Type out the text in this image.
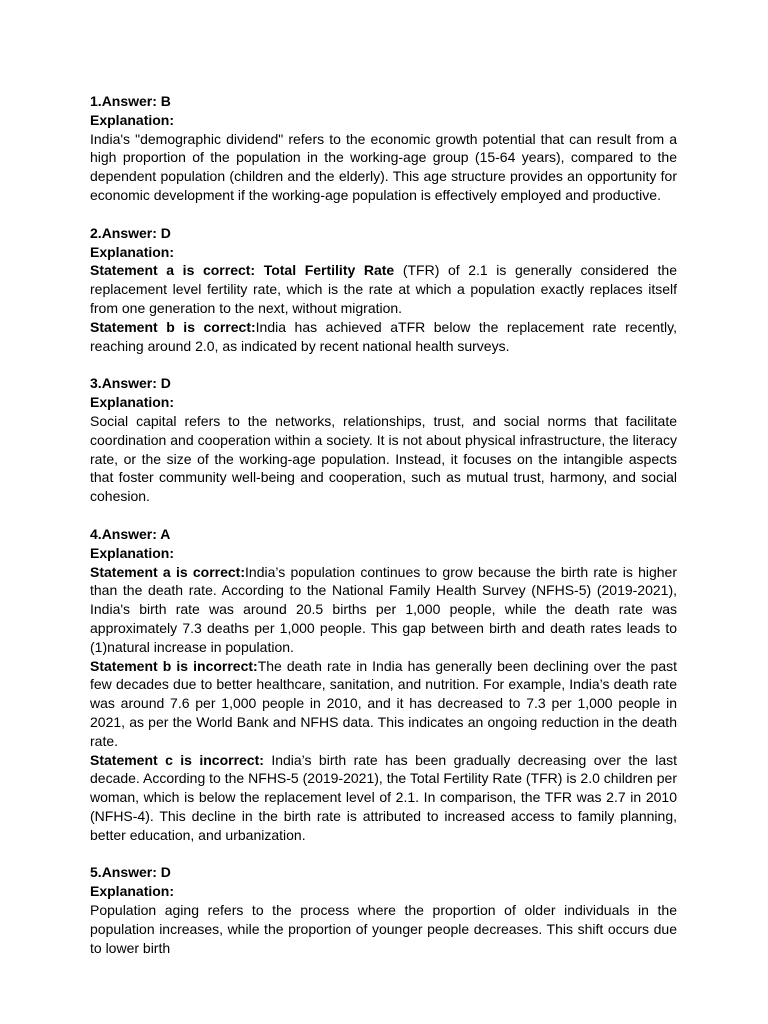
1.Answer: B
Explanation:

India's "demographic dividend" refers to the economic growth potential that can result from a high proportion of the population in the working-age group (15-64 years), compared to the dependent population (children and the elderly). This age structure provides an opportunity for economic development if the working-age population is effectively employed and productive.

2.Answer: D
Explanation:

Statement a is correct: Total Fertility Rate (TFR) of 2.1 is generally considered the replacement level fertility rate, which is the rate at which a population exactly replaces itself from one generation to the next, without migration.

Statement b is correct:India has achieved aTFR below the replacement rate recently, reaching around 2.0, as indicated by recent national health surveys.

3.Answer: D
Explanation:

Social capital refers to the networks, relationships, trust, and social norms that facilitate coordination and cooperation within a society. It is not about physical infrastructure, the literacy rate, or the size of the working-age population. Instead, it focuses on the intangible aspects that foster community well-being and cooperation, such as mutual trust, harmony, and social cohesion.

4.Answer: A
Explanation:

Statement a is correct:India’s population continues to grow because the birth rate is higher than the death rate. According to the National Family Health Survey (NFHS-5) (2019-2021), India's birth rate was around 20.5 births per 1,000 people, while the death rate was approximately 7.3 deaths per 1,000 people. This gap between birth and death rates leads to (1)natural increase in population.

Statement b is incorrect:The death rate in India has generally been declining over the past few decades due to better healthcare, sanitation, and nutrition. For example, India’s death rate was around 7.6 per 1,000 people in 2010, and it has decreased to 7.3 per 1,000 people in 2021, as per the World Bank and NFHS data. This indicates an ongoing reduction in the death rate.

Statement c is incorrect: India’s birth rate has been gradually decreasing over the last decade. According to the NFHS-5 (2019-2021), the Total Fertility Rate (TFR) is 2.0 children per woman, which is below the replacement level of 2.1. In comparison, the TFR was 2.7 in 2010 (NFHS-4). This decline in the birth rate is attributed to increased access to family planning, better education, and urbanization.

5.Answer: D
Explanation:

Population aging refers to the process where the proportion of older individuals in the population increases, while the proportion of younger people decreases. This shift occurs due to lower birth
